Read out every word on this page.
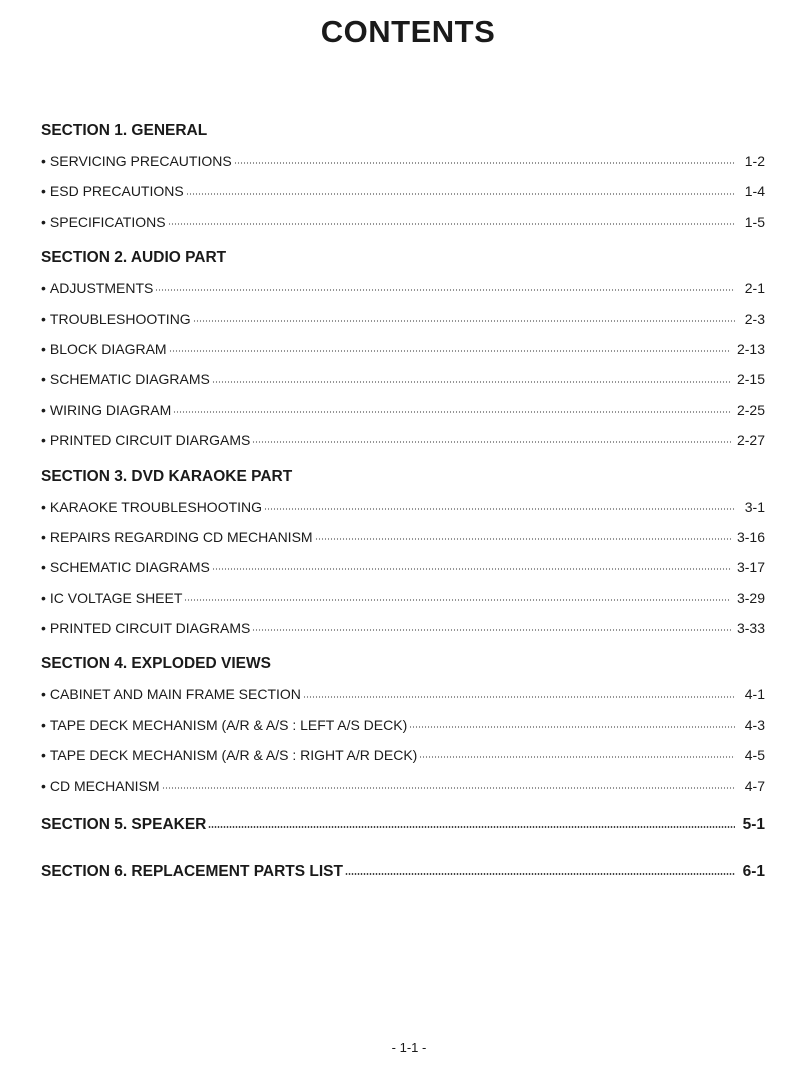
CONTENTS
SECTION 1. GENERAL
• SERVICING PRECAUTIONS	1-2
• ESD PRECAUTIONS	1-4
• SPECIFICATIONS	1-5
SECTION 2. AUDIO PART
• ADJUSTMENTS	2-1
• TROUBLESHOOTING	2-3
• BLOCK DIAGRAM	2-13
• SCHEMATIC DIAGRAMS	2-15
• WIRING DIAGRAM	2-25
• PRINTED CIRCUIT DIARGAMS	2-27
SECTION 3. DVD KARAOKE PART
• KARAOKE TROUBLESHOOTING	3-1
• REPAIRS REGARDING CD MECHANISM	3-16
• SCHEMATIC DIAGRAMS	3-17
• IC VOLTAGE SHEET	3-29
• PRINTED CIRCUIT DIAGRAMS	3-33
SECTION 4. EXPLODED VIEWS
• CABINET AND MAIN FRAME SECTION	4-1
• TAPE DECK MECHANISM (A/R & A/S : LEFT A/S DECK)	4-3
• TAPE DECK MECHANISM (A/R & A/S : RIGHT A/R DECK)	4-5
• CD MECHANISM	4-7
SECTION 5. SPEAKER	5-1
SECTION 6. REPLACEMENT PARTS LIST	6-1
- 1-1 -
